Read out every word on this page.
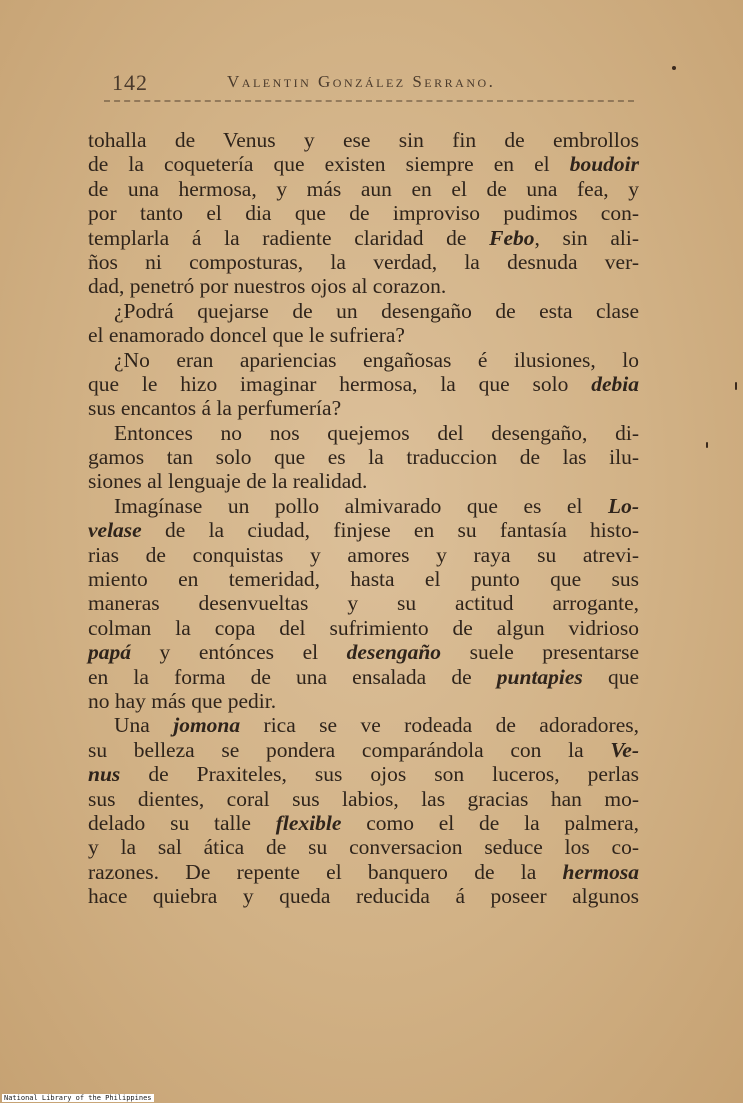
142	Valentin González Serrano.
tohalla de Venus y ese sin fin de embrollos
de la coquetería que existen siempre en el boudoir
de una hermosa, y más aun en el de una fea, y
por tanto el dia que de improviso pudimos con-
templarla á la radiente claridad de Febo, sin ali-
ños ni composturas, la verdad, la desnuda ver-
dad, penetró por nuestros ojos al corazon.
¿Podrá quejarse de un desengaño de esta clase
el enamorado doncel que le sufriera?
¿No eran apariencias engañosas é ilusiones, lo
que le hizo imaginar hermosa, la que solo debia
sus encantos á la perfumería?
Entonces no nos quejemos del desengaño, di-
gamos tan solo que es la traduccion de las ilu-
siones al lenguaje de la realidad.
Imagínase un pollo almivarado que es el Lo-
velase de la ciudad, finjese en su fantasía histo-
rias de conquistas y amores y raya su atrevi-
miento en temeridad, hasta el punto que sus
maneras desenvueltas y su actitud arrogante,
colman la copa del sufrimiento de algun vidrioso
papá y entónces el desengaño suele presentarse
en la forma de una ensalada de puntapies que
no hay más que pedir.
Una jomona rica se ve rodeada de adoradores,
su belleza se pondera comparándola con la Ve-
nus de Praxiteles, sus ojos son luceros, perlas
sus dientes, coral sus labios, las gracias han mo-
delado su talle flexible como el de la palmera,
y la sal ática de su conversacion seduce los co-
razones. De repente el banquero de la hermosa
hace quiebra y queda reducida á poseer algunos
National Library of the Philippines
